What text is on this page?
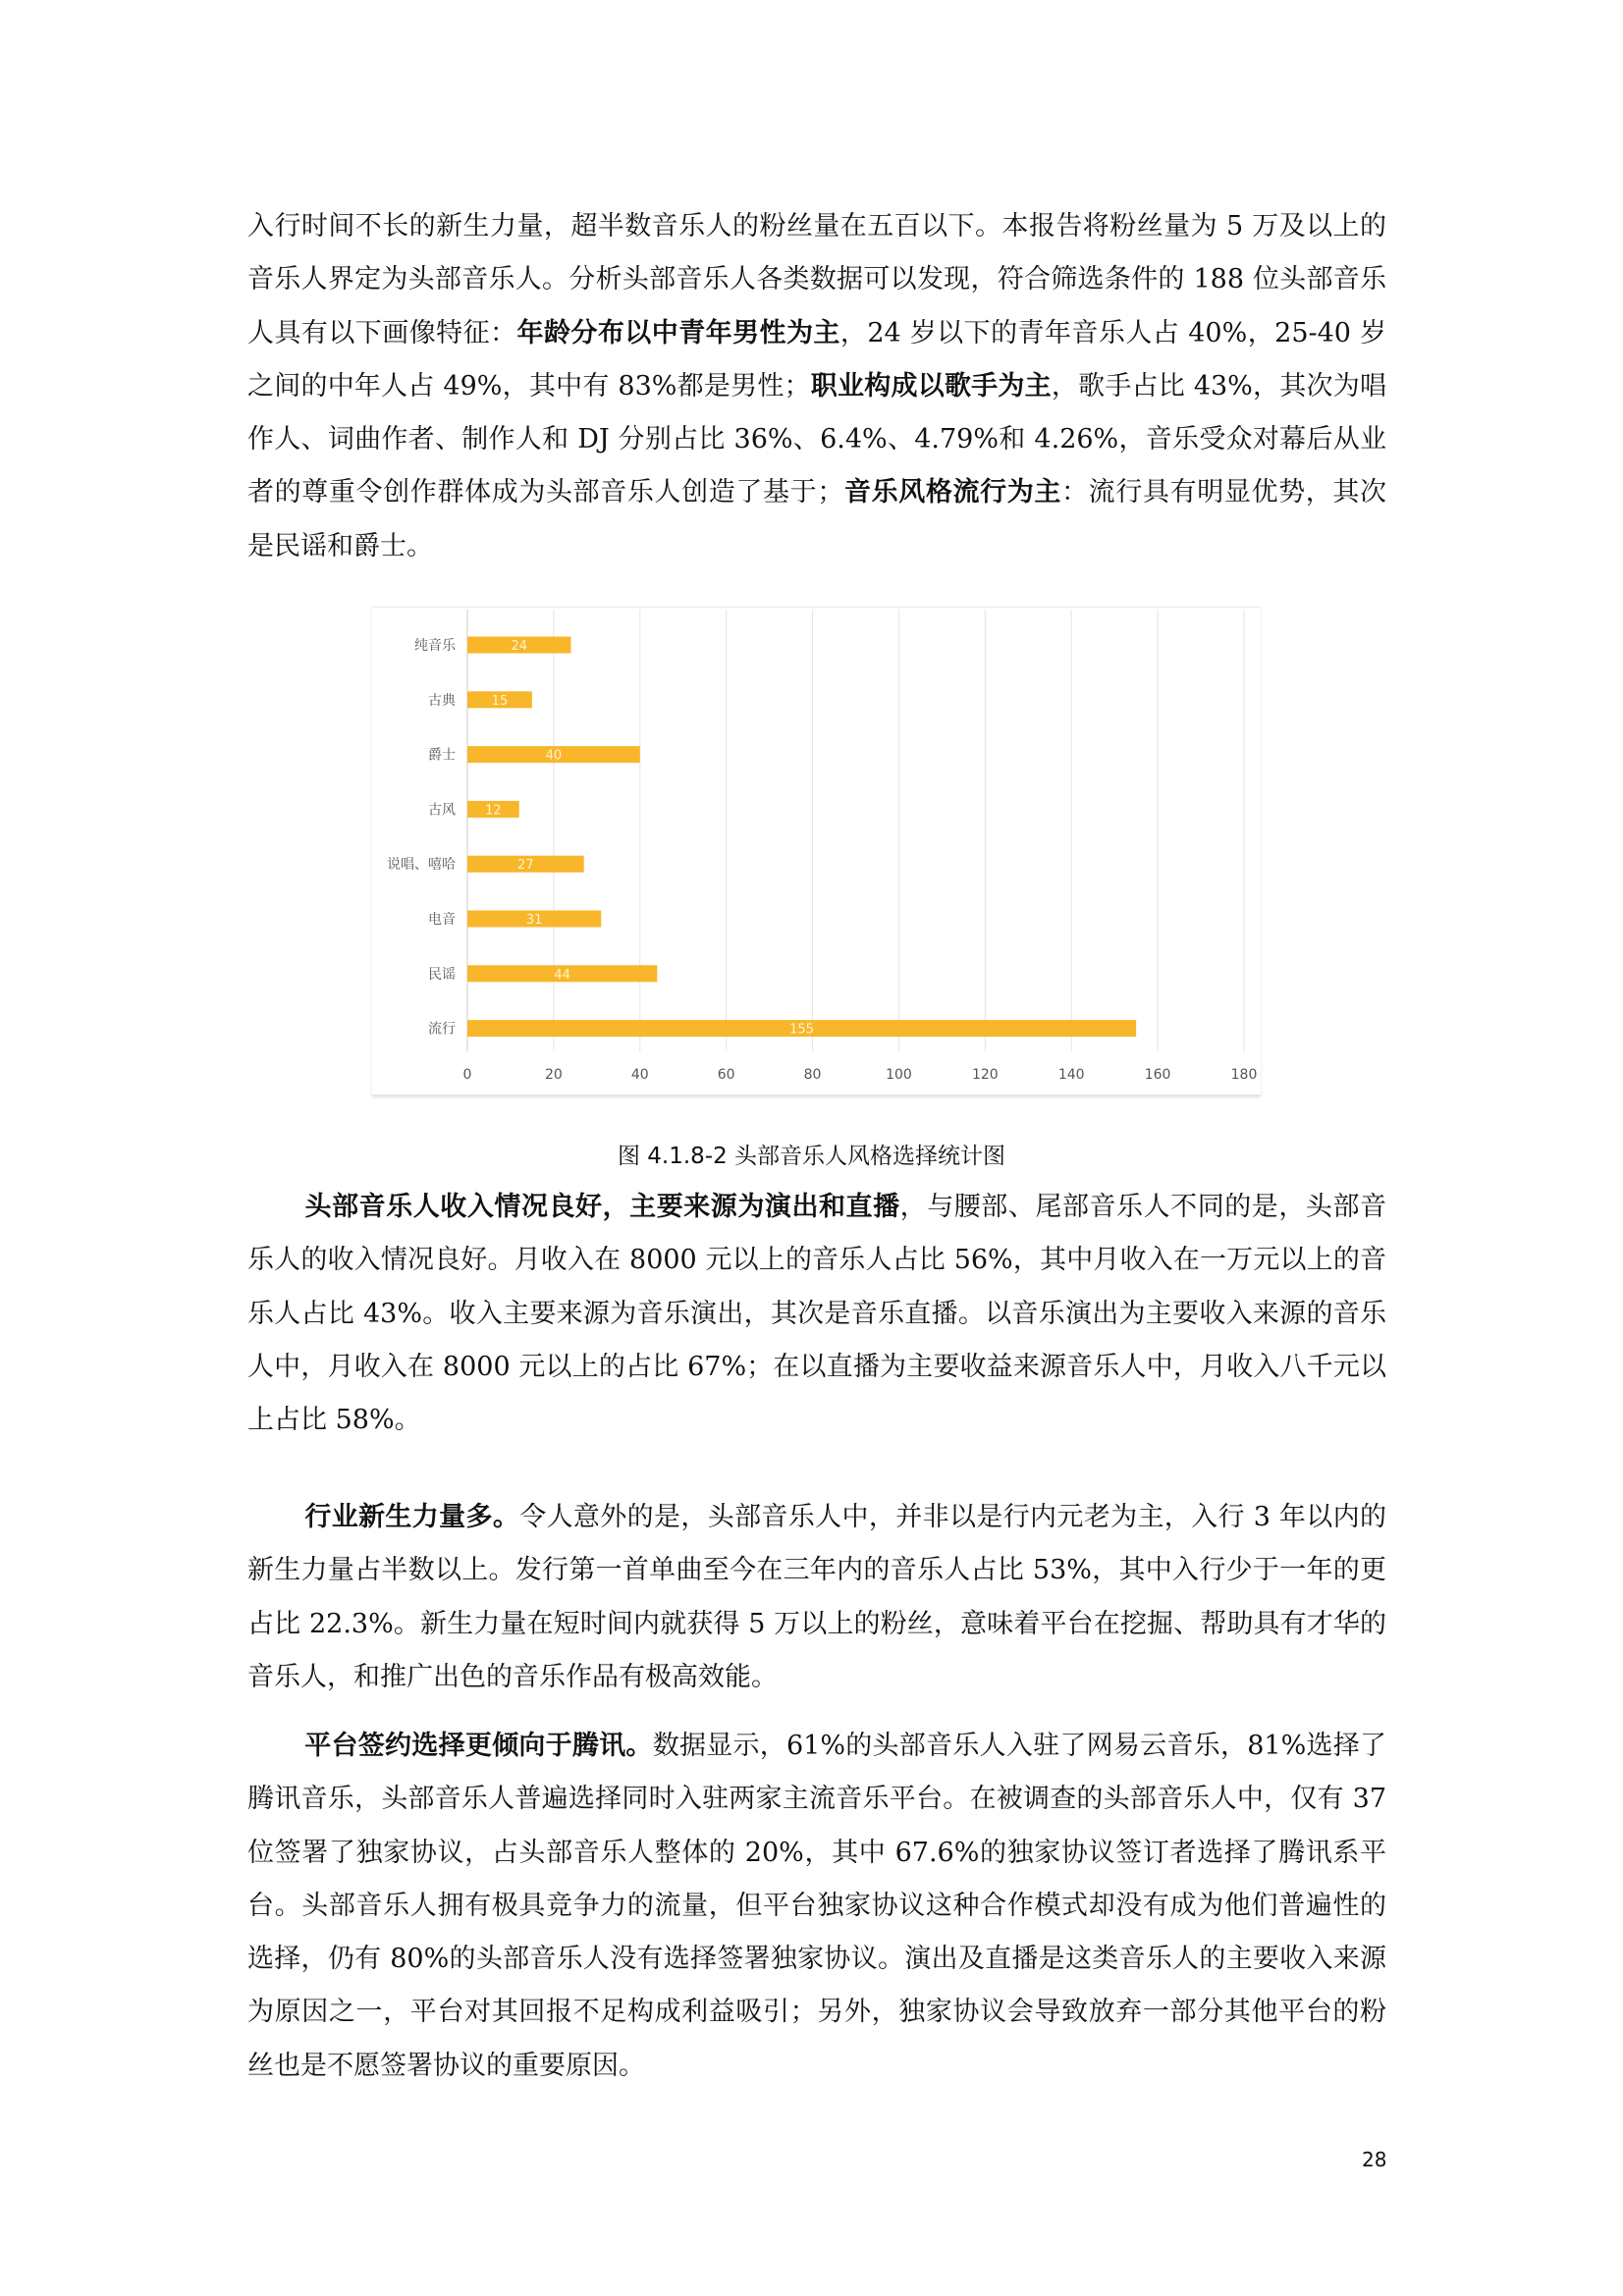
入行时间不长的新生力量，超半数音乐人的粉丝量在五百以下。本报告将粉丝量为 5 万及以上的音乐人界定为头部音乐人。分析头部音乐人各类数据可以发现，符合筛选条件的 188 位头部音乐人具有以下画像特征：年龄分布以中青年男性为主，24 岁以下的青年音乐人占 40%，25-40 岁之间的中年人占 49%，其中有 83%都是男性；职业构成以歌手为主，歌手占比 43%，其次为唱作人、词曲作者、制作人和 DJ 分别占比 36%、6.4%、4.79%和 4.26%，音乐受众对幕后从业者的尊重令创作群体成为头部音乐人创造了基于；音乐风格流行为主：流行具有明显优势，其次是民谣和爵士。

0	20	40	60	80	100	120	140	160	180
纯音乐	24
古典	15
爵士	40
古风 12
说唱、嘻哈	27
电音	31
民谣	44
流行	155
图 4.1.8-2 头部音乐人风格选择统计图

头部音乐人收入情况良好，主要来源为演出和直播，与腰部、尾部音乐人不同的是，头部音乐人的收入情况良好。月收入在 8000 元以上的音乐人占比 56%，其中月收入在一万元以上的音乐人占比 43%。收入主要来源为音乐演出，其次是音乐直播。以音乐演出为主要收入来源的音乐人中，月收入在 8000 元以上的占比 67%；在以直播为主要收益来源音乐人中，月收入八千元以上占比 58%。

行业新生力量多。令人意外的是，头部音乐人中，并非以是行内元老为主，入行 3 年以内的新生力量占半数以上。发行第一首单曲至今在三年内的音乐人占比 53%，其中入行少于一年的更占比 22.3%。新生力量在短时间内就获得 5 万以上的粉丝，意味着平台在挖掘、帮助具有才华的音乐人，和推广出色的音乐作品有极高效能。

平台签约选择更倾向于腾讯。数据显示，61%的头部音乐人入驻了网易云音乐，81%选择了腾讯音乐，头部音乐人普遍选择同时入驻两家主流音乐平台。在被调查的头部音乐人中，仅有 37 位签署了独家协议，占头部音乐人整体的 20%，其中 67.6%的独家协议签订者选择了腾讯系平台。头部音乐人拥有极具竞争力的流量，但平台独家协议这种合作模式却没有成为他们普遍性的选择，仍有 80%的头部音乐人没有选择签署独家协议。演出及直播是这类音乐人的主要收入来源为原因之一，平台对其回报不足构成利益吸引；另外，独家协议会导致放弃一部分其他平台的粉丝也是不愿签署协议的重要原因。

28
